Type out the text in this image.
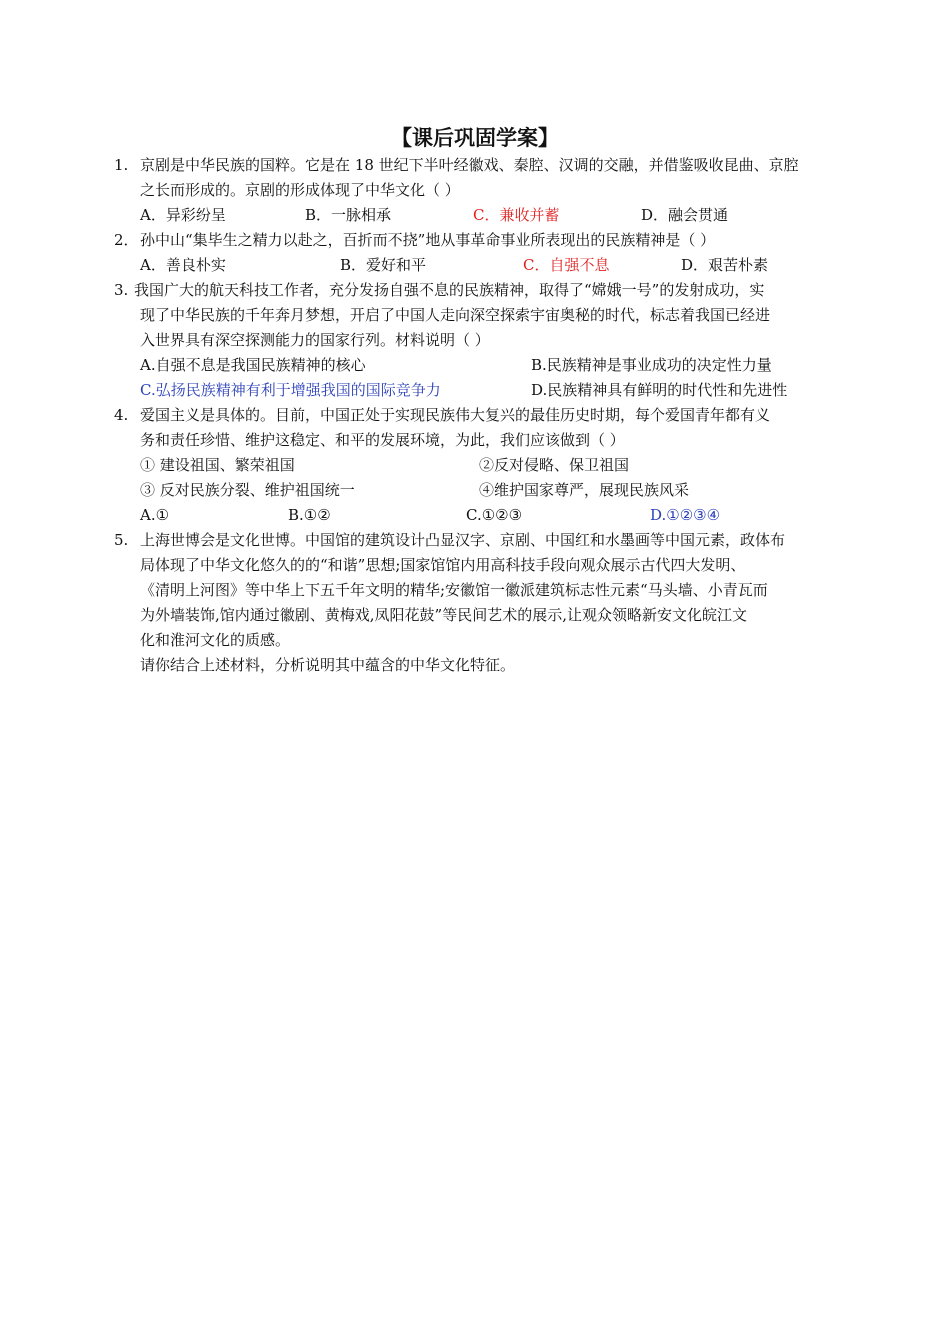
【课后巩固学案】
1. 京剧是中华民族的国粹。它是在 18 世纪下半叶经徽戏、秦腔、汉调的交融，并借鉴吸收昆曲、京腔
之长而形成的。京剧的形成体现了中华文化（ ）
A．异彩纷呈	B．一脉相承	C．兼收并蓄	D．融会贯通
2． 孙中山“集毕生之精力以赴之，百折而不挠”地从事革命事业所表现出的民族精神是（ ）
A．善良朴实	B．爱好和平	C．自强不息	D．艰苦朴素
3. 我国广大的航天科技工作者，充分发扬自强不息的民族精神，取得了“嫦娥一号”的发射成功，实
现了中华民族的千年奔月梦想，开启了中国人走向深空探索宇宙奥秘的时代，标志着我国已经进
入世界具有深空探测能力的国家行列。材料说明（ ）
A.自强不息是我国民族精神的核心	B.民族精神是事业成功的决定性力量
C.弘扬民族精神有利于增强我国的国际竞争力	D.民族精神具有鲜明的时代性和先进性
4. 爱国主义是具体的。目前，中国正处于实现民族伟大复兴的最佳历史时期，每个爱国青年都有义
务和责任珍惜、维护这稳定、和平的发展环境，为此，我们应该做到（ ）
① 建设祖国、繁荣祖国	②反对侵略、保卫祖国
③ 反对民族分裂、维护祖国统一	④维护国家尊严，展现民族风采
A.①	B.①②	C.①②③	D.①②③④
5. 上海世博会是文化世博。中国馆的建筑设计凸显汉字、京剧、中国红和水墨画等中国元素，政体布
局体现了中华文化悠久的的“和谐”思想;国家馆馆内用高科技手段向观众展示古代四大发明、
《清明上河图》等中华上下五千年文明的精华;安徽馆一徽派建筑标志性元素“马头墙、小青瓦而
为外墙装饰,馆内通过徽剧、黄梅戏,凤阳花鼓”等民间艺术的展示,让观众领略新安文化皖江文
化和淮河文化的质感。
请你结合上述材料，分析说明其中蕴含的中华文化特征。
